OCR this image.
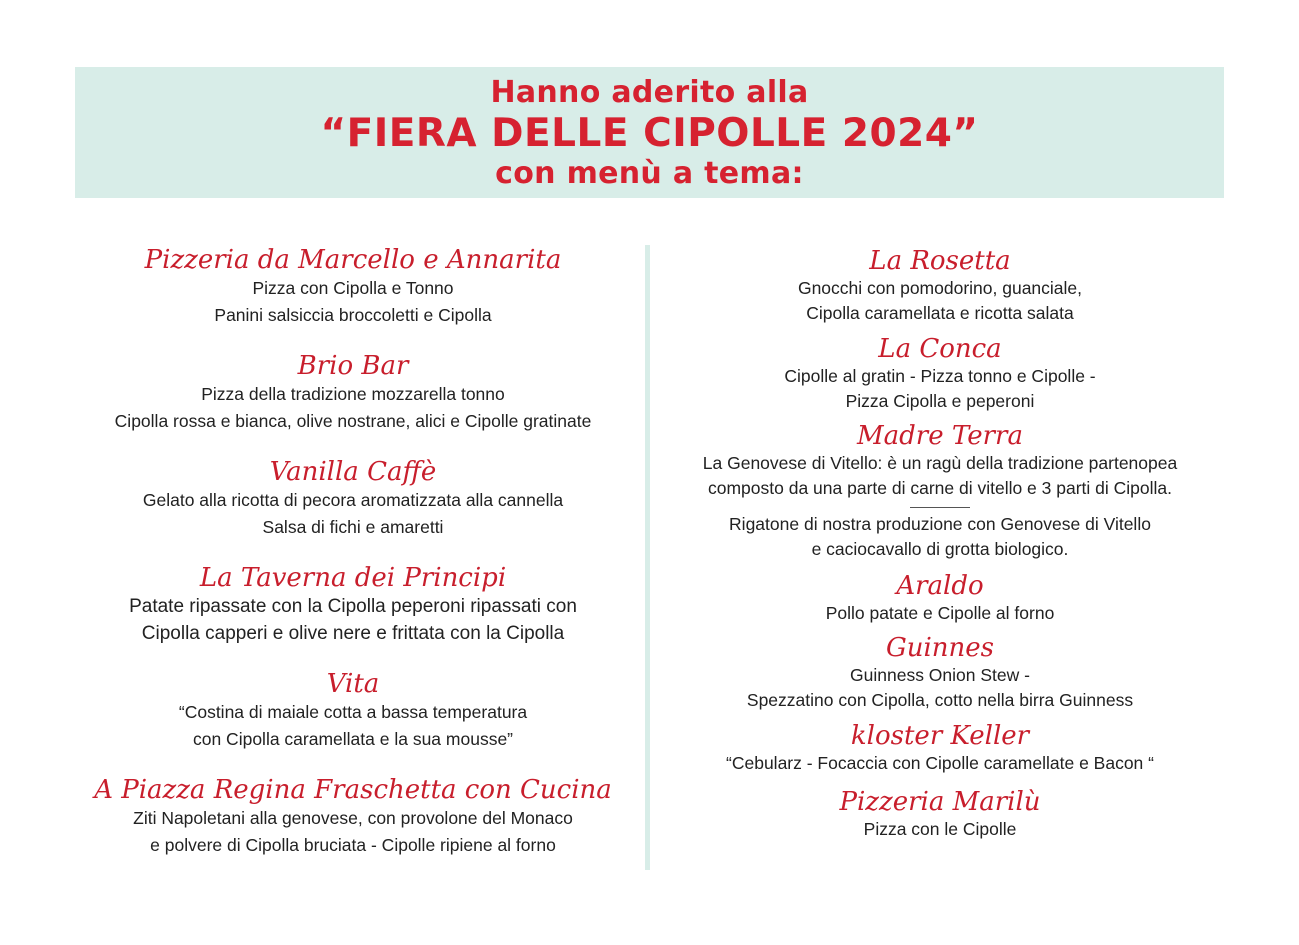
Hanno aderito alla
“FIERA DELLE CIPOLLE 2024”
con menù a tema:
Pizzeria da Marcello e Annarita
Pizza con Cipolla e Tonno
Panini salsiccia broccoletti e Cipolla
Brio Bar
Pizza della tradizione mozzarella tonno
Cipolla rossa e bianca, olive nostrane, alici e Cipolle gratinate
Vanilla Caffè
Gelato alla ricotta di pecora aromatizzata alla cannella
Salsa di fichi e amaretti
La Taverna dei Principi
Patate ripassate con la Cipolla peperoni ripassati con
Cipolla capperi e olive nere e frittata con la Cipolla
Vita
“Costina di maiale cotta a bassa temperatura
con Cipolla caramellata e la sua mousse”
A Piazza Regina Fraschetta con Cucina
Ziti Napoletani alla genovese, con provolone del Monaco
e polvere di Cipolla bruciata - Cipolle ripiene al forno
La Rosetta
Gnocchi con pomodorino, guanciale,
Cipolla caramellata e ricotta salata
La Conca
Cipolle al gratin - Pizza tonno e Cipolle -
Pizza Cipolla e peperoni
Madre Terra
La Genovese di Vitello: è un ragù della tradizione partenopea
composto da una parte di carne di vitello e 3 parti di Cipolla.
Rigatone di nostra produzione con Genovese di Vitello
e caciocavallo di grotta biologico.
Araldo
Pollo patate e Cipolle al forno
Guinnes
Guinness Onion Stew -
Spezzatino con Cipolla, cotto nella birra Guinness
kloster Keller
“Cebularz - Focaccia con Cipolle caramellate e Bacon “
Pizzeria Marilù
Pizza con le Cipolle
